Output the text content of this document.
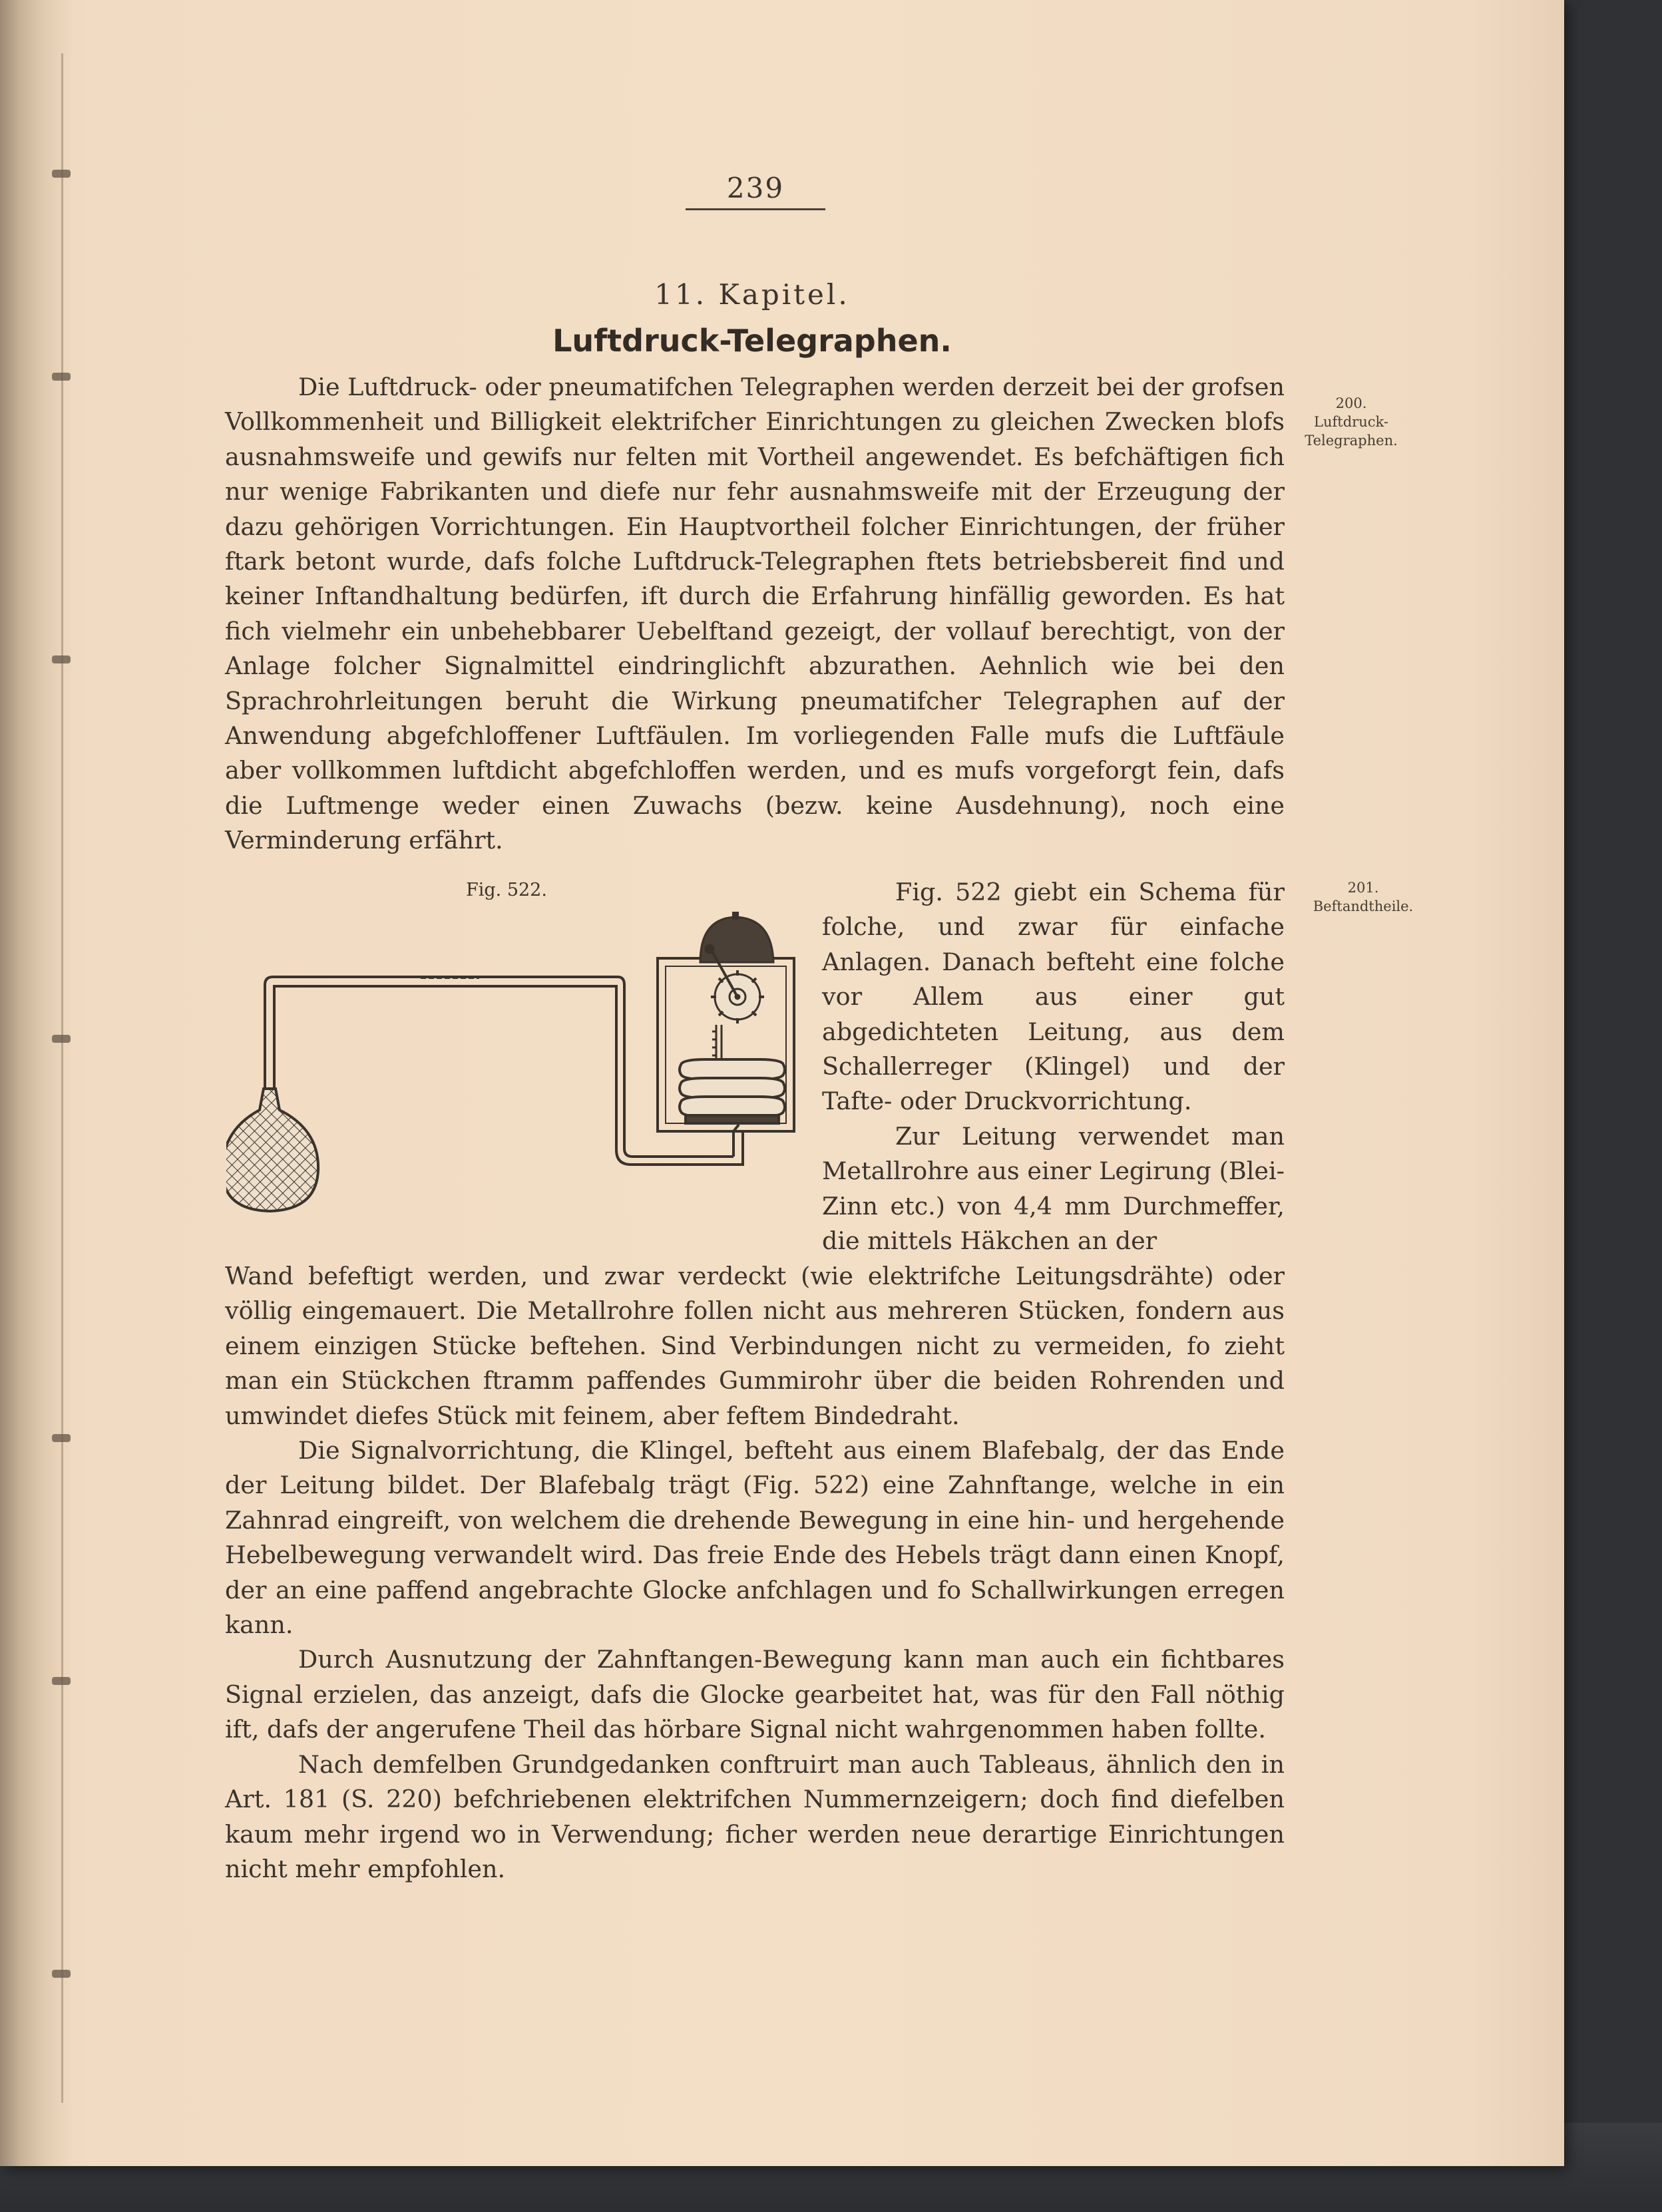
239
11. Kapitel.
Luftdruck-Telegraphen.
200.
Luftdruck-Telegraphen.

Die Luftdruck- oder pneumatifchen Telegraphen werden derzeit bei der grofsen Vollkommenheit und Billigkeit elektrifcher Einrichtungen zu gleichen Zwecken blofs ausnahmsweife und gewifs nur felten mit Vortheil angewendet. Es befchäftigen fich nur wenige Fabrikanten und diefe nur fehr ausnahmsweife mit der Erzeugung der dazu gehörigen Vorrichtungen. Ein Hauptvortheil folcher Einrichtungen, der früher ftark betont wurde, dafs folche Luftdruck-Telegraphen ftets betriebsbereit find und keiner Inftandhaltung bedürfen, ift durch die Erfahrung hinfällig geworden. Es hat fich vielmehr ein unbehebbarer Uebelftand gezeigt, der vollauf berechtigt, von der Anlage folcher Signalmittel eindringlichft abzurathen. Aehnlich wie bei den Sprachrohrleitungen beruht die Wirkung pneumatifcher Telegraphen auf der Anwendung abgefchloffener Luftfäulen. Im vorliegenden Falle mufs die Luftfäule aber vollkommen luftdicht abgefchloffen werden, und es mufs vorgeforgt fein, dafs die Luftmenge weder einen Zuwachs (bezw. keine Ausdehnung), noch eine Verminderung erfährt.

Fig. 522.	201.
Beftandtheile.

Fig. 522 giebt ein Schema für folche, und zwar für einfache Anlagen. Danach befteht eine folche vor Allem aus einer gut abgedichteten Leitung, aus dem Schallerreger (Klingel) und der Tafte- oder Druckvorrichtung.

Zur Leitung verwendet man Metallrohre aus einer Legirung (Blei-Zinn etc.) von 4,4 mm Durchmeffer, die mittels Häkchen an der

Wand befeftigt werden, und zwar verdeckt (wie elektrifche Leitungsdrähte) oder völlig eingemauert. Die Metallrohre follen nicht aus mehreren Stücken, fondern aus einem einzigen Stücke beftehen. Sind Verbindungen nicht zu vermeiden, fo zieht man ein Stückchen ftramm paffendes Gummirohr über die beiden Rohrenden und umwindet diefes Stück mit feinem, aber feftem Bindedraht.

Die Signalvorrichtung, die Klingel, befteht aus einem Blafebalg, der das Ende der Leitung bildet. Der Blafebalg trägt (Fig. 522) eine Zahnftange, welche in ein Zahnrad eingreift, von welchem die drehende Bewegung in eine hin- und hergehende Hebelbewegung verwandelt wird. Das freie Ende des Hebels trägt dann einen Knopf, der an eine paffend angebrachte Glocke anfchlagen und fo Schallwirkungen erregen kann.

Durch Ausnutzung der Zahnftangen-Bewegung kann man auch ein fichtbares Signal erzielen, das anzeigt, dafs die Glocke gearbeitet hat, was für den Fall nöthig ift, dafs der angerufene Theil das hörbare Signal nicht wahrgenommen haben follte.

Nach demfelben Grundgedanken conftruirt man auch Tableaus, ähnlich den in Art. 181 (S. 220) befchriebenen elektrifchen Nummernzeigern; doch find diefelben kaum mehr irgend wo in Verwendung; ficher werden neue derartige Einrichtungen nicht mehr empfohlen.
